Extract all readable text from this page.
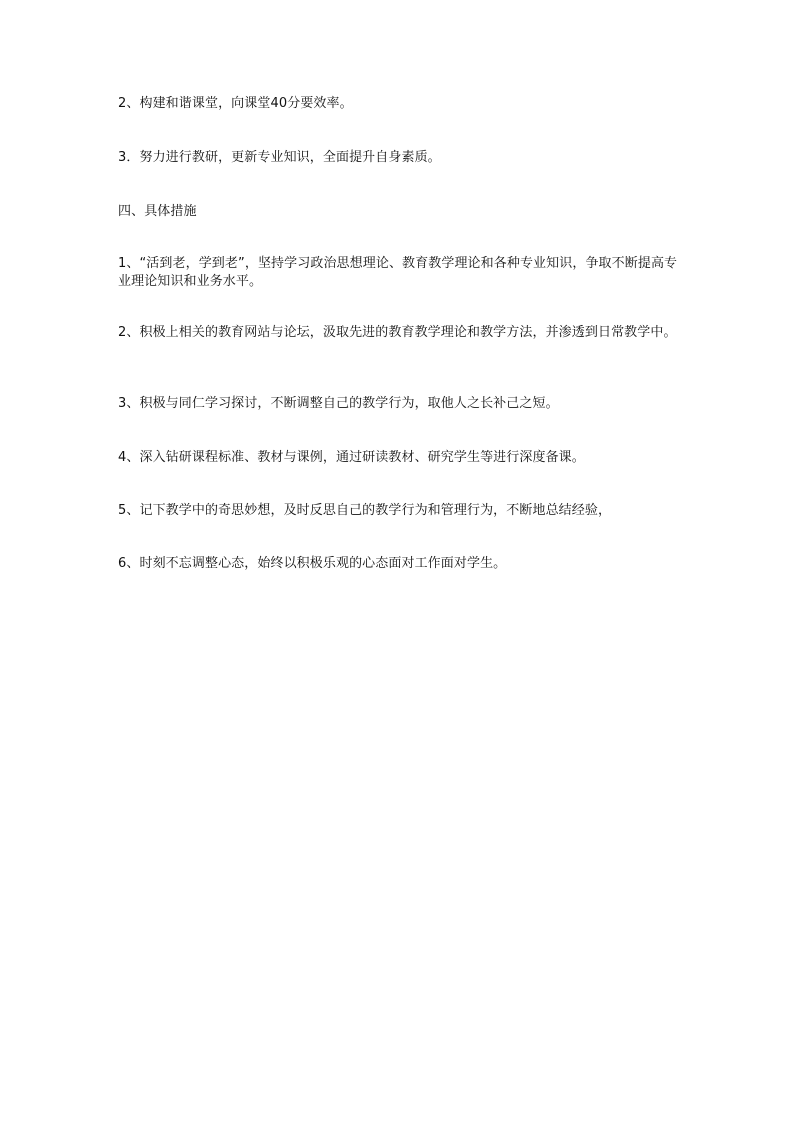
2、构建和谐课堂，向课堂40分要效率。

3．努力进行教研，更新专业知识，全面提升自身素质。

四、具体措施

1、“活到老，学到老”，坚持学习政治思想理论、教育教学理论和各种专业知识，争取不断提高专业理论知识和业务水平。

2、积极上相关的教育网站与论坛，汲取先进的教育教学理论和教学方法，并渗透到日常教学中。

3、积极与同仁学习探讨，不断调整自己的教学行为，取他人之长补己之短。

4、深入钻研课程标准、教材与课例，通过研读教材、研究学生等进行深度备课。

5、记下教学中的奇思妙想，及时反思自己的教学行为和管理行为，不断地总结经验，

6、时刻不忘调整心态，始终以积极乐观的心态面对工作面对学生。
